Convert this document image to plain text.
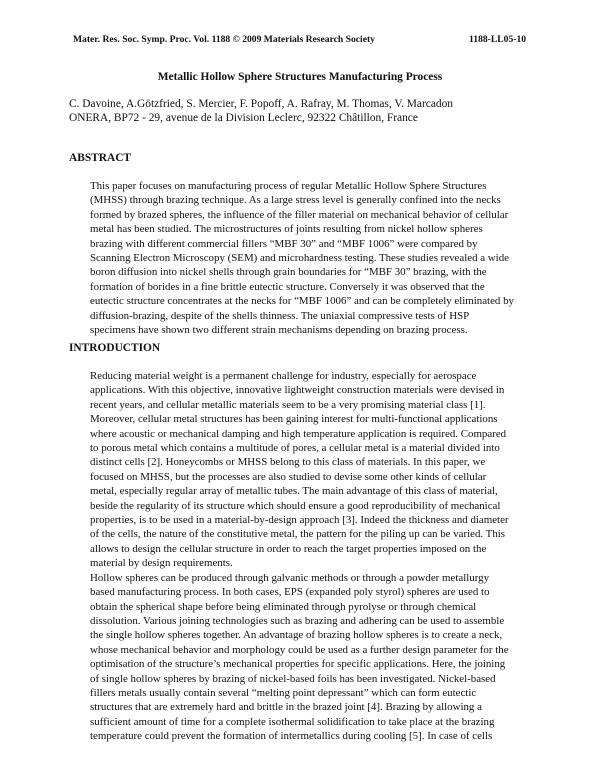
Mater. Res. Soc. Symp. Proc. Vol. 1188 © 2009 Materials Research Society	1188-LL05-10
Metallic Hollow Sphere Structures Manufacturing Process
C. Davoine, A.Götzfried, S. Mercier, F. Popoff, A. Rafray, M. Thomas, V. Marcadon
ONERA, BP72 - 29, avenue de la Division Leclerc, 92322 Châtillon, France
ABSTRACT

This paper focuses on manufacturing process of regular Metallic Hollow Sphere Structures
(MHSS) through brazing technique. As a large stress level is generally confined into the necks
formed by brazed spheres, the influence of the filler material on mechanical behavior of cellular
metal has been studied. The microstructures of joints resulting from nickel hollow spheres
brazing with different commercial fillers “MBF 30” and “MBF 1006” were compared by
Scanning Electron Microscopy (SEM) and microhardness testing. These studies revealed a wide
boron diffusion into nickel shells through grain boundaries for “MBF 30” brazing, with the
formation of borides in a fine brittle eutectic structure. Conversely it was observed that the
eutectic structure concentrates at the necks for “MBF 1006” and can be completely eliminated by
diffusion-brazing, despite of the shells thinness. The uniaxial compressive tests of HSP
specimens have shown two different strain mechanisms depending on brazing process.

INTRODUCTION

Reducing material weight is a permanent challenge for industry, especially for aerospace
applications. With this objective, innovative lightweight construction materials were devised in
recent years, and cellular metallic materials seem to be a very promising material class [1].
Moreover, cellular metal structures has been gaining interest for multi-functional applications
where acoustic or mechanical damping and high temperature application is required. Compared
to porous metal which contains a multitude of pores, a cellular metal is a material divided into
distinct cells [2]. Honeycombs or MHSS belong to this class of materials. In this paper, we
focused on MHSS, but the processes are also studied to devise some other kinds of cellular
metal, especially regular array of metallic tubes. The main advantage of this class of material,
beside the regularity of its structure which should ensure a good reproducibility of mechanical
properties, is to be used in a material-by-design approach [3]. Indeed the thickness and diameter
of the cells, the nature of the constitutive metal, the pattern for the piling up can be varied. This
allows to design the cellular structure in order to reach the target properties imposed on the
material by design requirements.

Hollow spheres can be produced through galvanic methods or through a powder metallurgy
based manufacturing process. In both cases, EPS (expanded poly styrol) spheres are used to
obtain the spherical shape before being eliminated through pyrolyse or through chemical
dissolution. Various joining technologies such as brazing and adhering can be used to assemble
the single hollow spheres together. An advantage of brazing hollow spheres is to create a neck,
whose mechanical behavior and morphology could be used as a further design parameter for the
optimisation of the structure’s mechanical properties for specific applications. Here, the joining
of single hollow spheres by brazing of nickel-based foils has been investigated. Nickel-based
fillers metals usually contain several “melting point depressant” which can form eutectic
structures that are extremely hard and brittle in the brazed joint [4]. Brazing by allowing a
sufficient amount of time for a complete isothermal solidification to take place at the brazing
temperature could prevent the formation of intermetallics during cooling [5]. In case of cells
